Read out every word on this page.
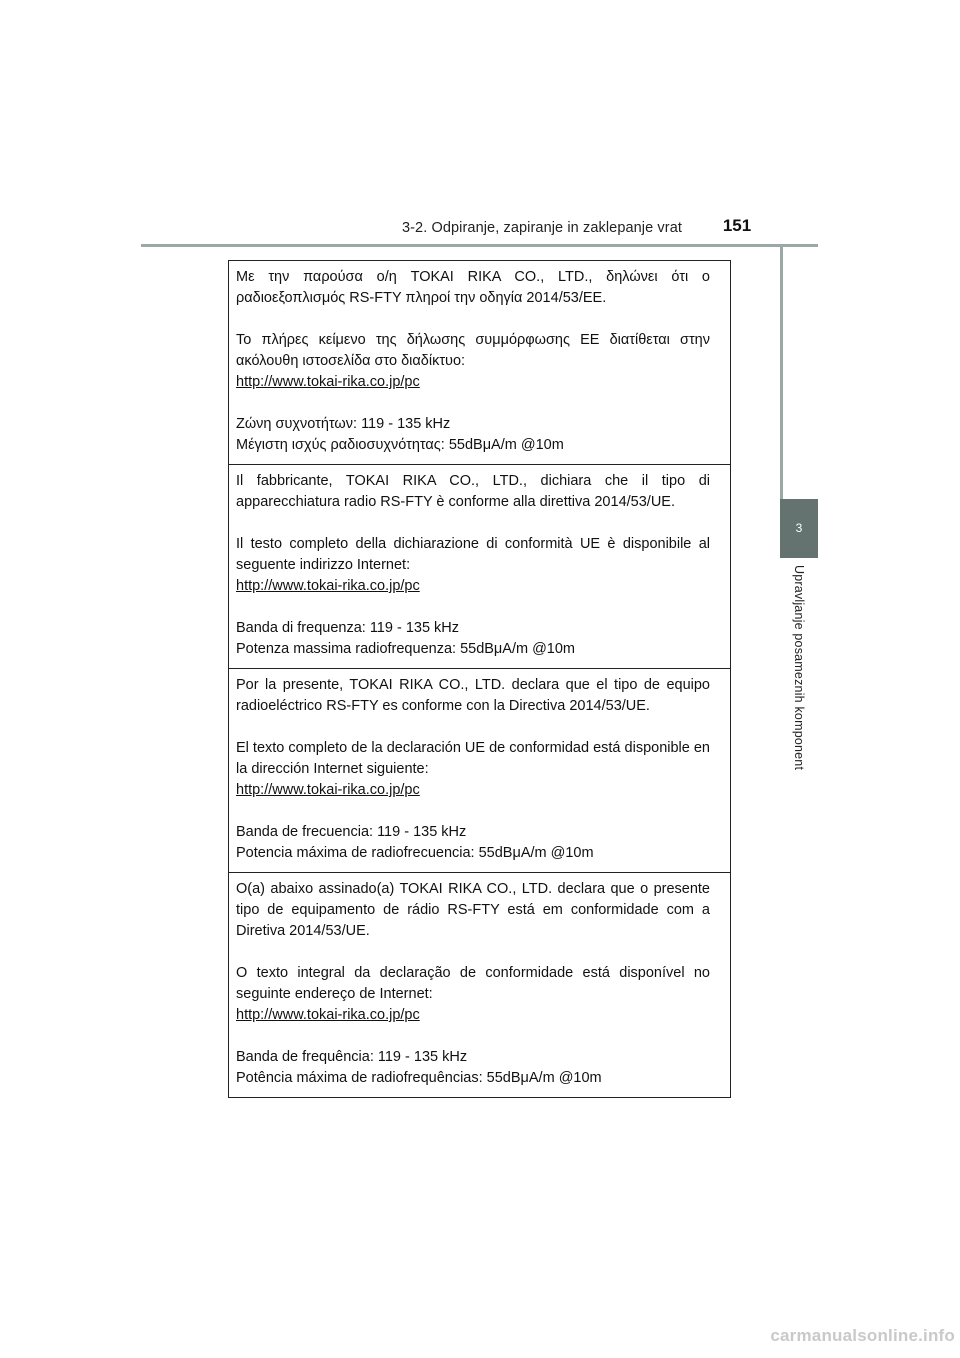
3-2. Odpiranje, zapiranje in zaklepanje vrat	151
3
Upravljanje posameznih komponent

Με την παρούσα ο/η TOKAI RIKA CO., LTD., δηλώνει ότι ο ραδιοεξοπλισμός RS-FTY πληροί την οδηγία 2014/53/ΕΕ.

Το πλήρες κείμενο της δήλωσης συμμόρφωσης ΕΕ διατίθεται στην ακόλουθη ιστοσελίδα στο διαδίκτυο:

http://www.tokai-rika.co.jp/pc

Ζώνη συχνοτήτων: 119 - 135 kHz

Μέγιστη ισχύς ραδιοσυχνότητας: 55dBμA/m @10m

Il fabbricante, TOKAI RIKA CO., LTD., dichiara che il tipo di apparecchiatura radio RS-FTY è conforme alla direttiva 2014/53/UE.

Il testo completo della dichiarazione di conformità UE è disponibile al seguente indirizzo Internet:

http://www.tokai-rika.co.jp/pc

Banda di frequenza: 119 - 135 kHz

Potenza massima radiofrequenza: 55dBμA/m @10m

Por la presente, TOKAI RIKA CO., LTD. declara que el tipo de equipo radioeléctrico RS-FTY es conforme con la Directiva 2014/53/UE.

El texto completo de la declaración UE de conformidad está disponible en la dirección Internet siguiente:

http://www.tokai-rika.co.jp/pc

Banda de frecuencia: 119 - 135 kHz

Potencia máxima de radiofrecuencia: 55dBμA/m @10m

O(a) abaixo assinado(a) TOKAI RIKA CO., LTD. declara que o presente tipo de equipamento de rádio RS-FTY está em conformidade com a Diretiva 2014/53/UE.

O texto integral da declaração de conformidade está disponível no seguinte endereço de Internet:

http://www.tokai-rika.co.jp/pc

Banda de frequência: 119 - 135 kHz

Potência máxima de radiofrequências: 55dBμA/m @10m

carmanualsonline.info
